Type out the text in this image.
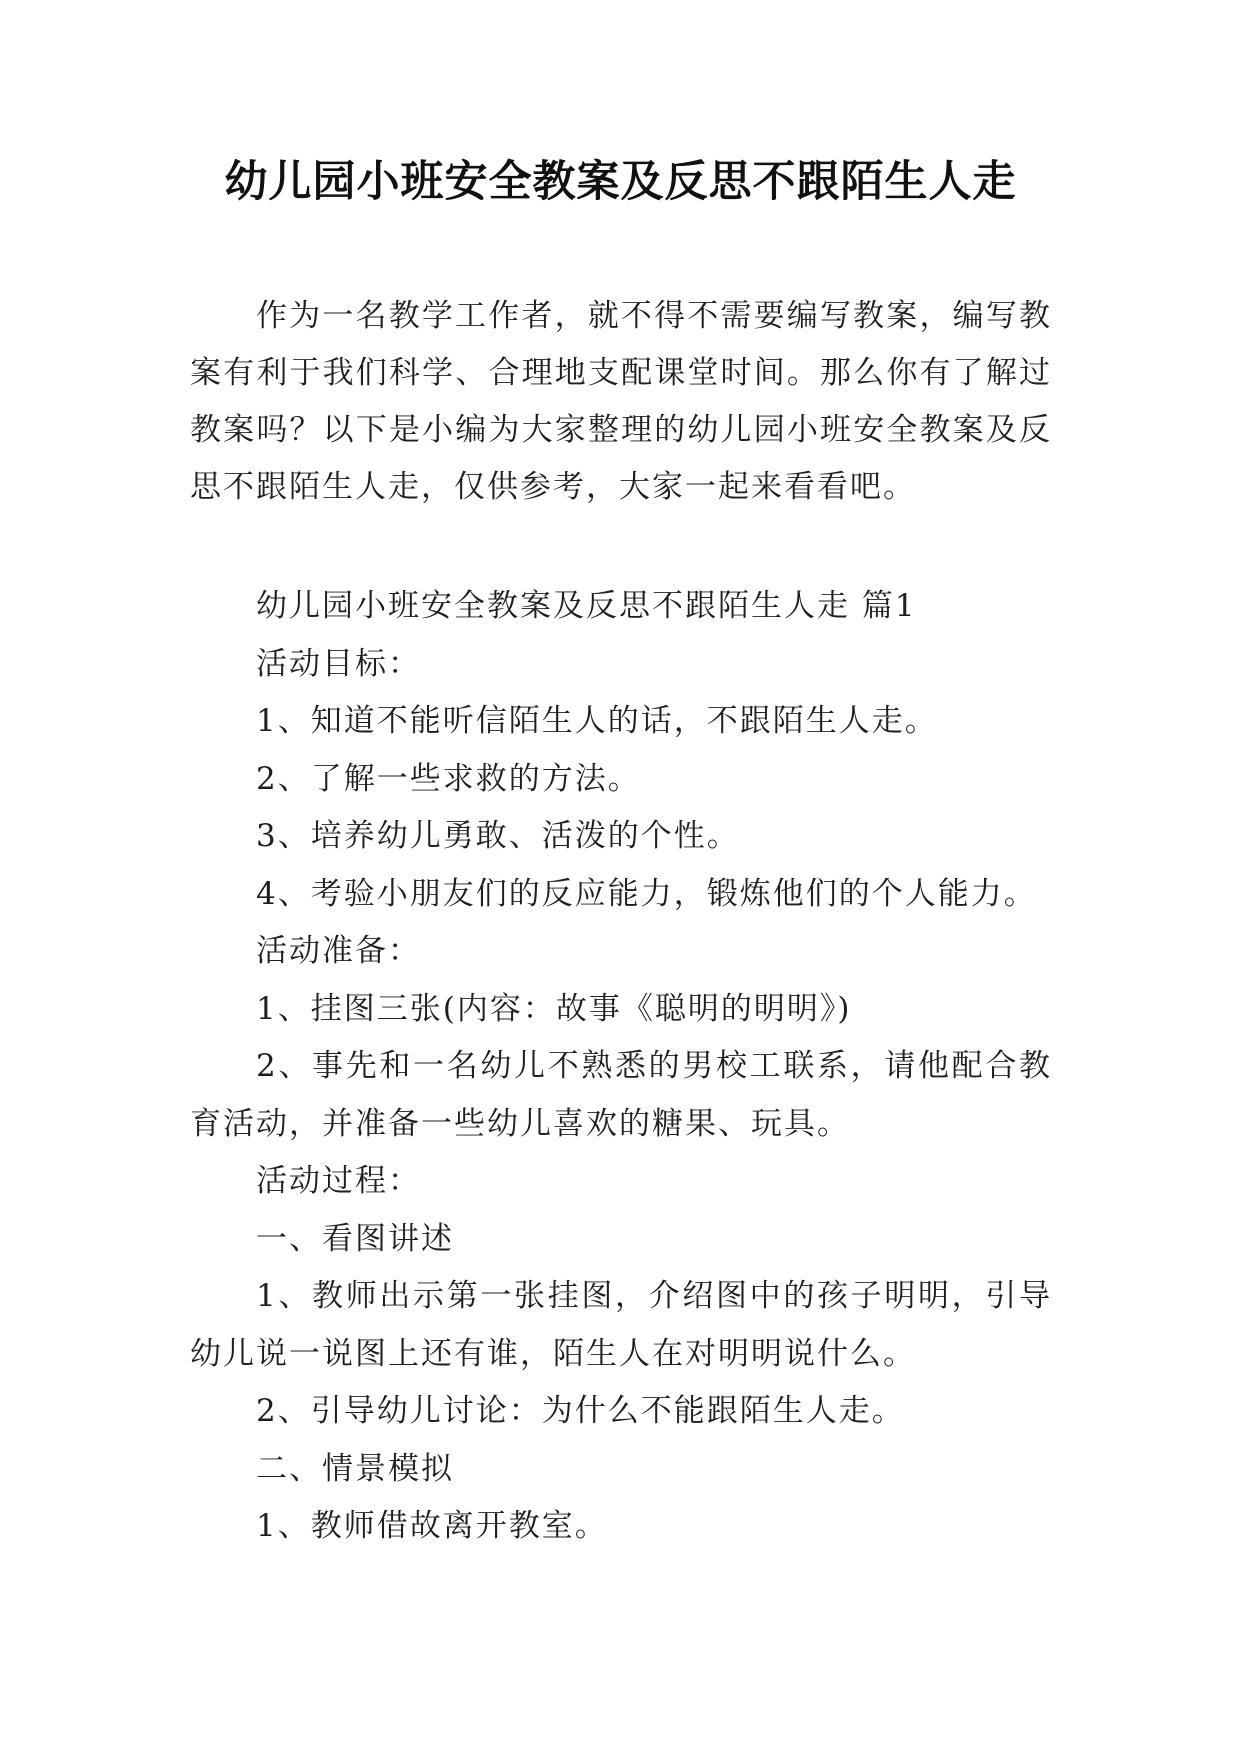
幼儿园小班安全教案及反思不跟陌生人走

作为一名教学工作者，就不得不需要编写教案，编写教案有利于我们科学、合理地支配课堂时间。那么你有了解过教案吗？以下是小编为大家整理的幼儿园小班安全教案及反思不跟陌生人走，仅供参考，大家一起来看看吧。

幼儿园小班安全教案及反思不跟陌生人走 篇1

活动目标：

1、知道不能听信陌生人的话，不跟陌生人走。

2、了解一些求救的方法。

3、培养幼儿勇敢、活泼的个性。

4、考验小朋友们的反应能力，锻炼他们的个人能力。

活动准备：

1、挂图三张(内容：故事《聪明的明明》)

2、事先和一名幼儿不熟悉的男校工联系，请他配合教育活动，并准备一些幼儿喜欢的糖果、玩具。

活动过程：

一、看图讲述

1、教师出示第一张挂图，介绍图中的孩子明明，引导幼儿说一说图上还有谁，陌生人在对明明说什么。

2、引导幼儿讨论：为什么不能跟陌生人走。

二、情景模拟

1、教师借故离开教室。
